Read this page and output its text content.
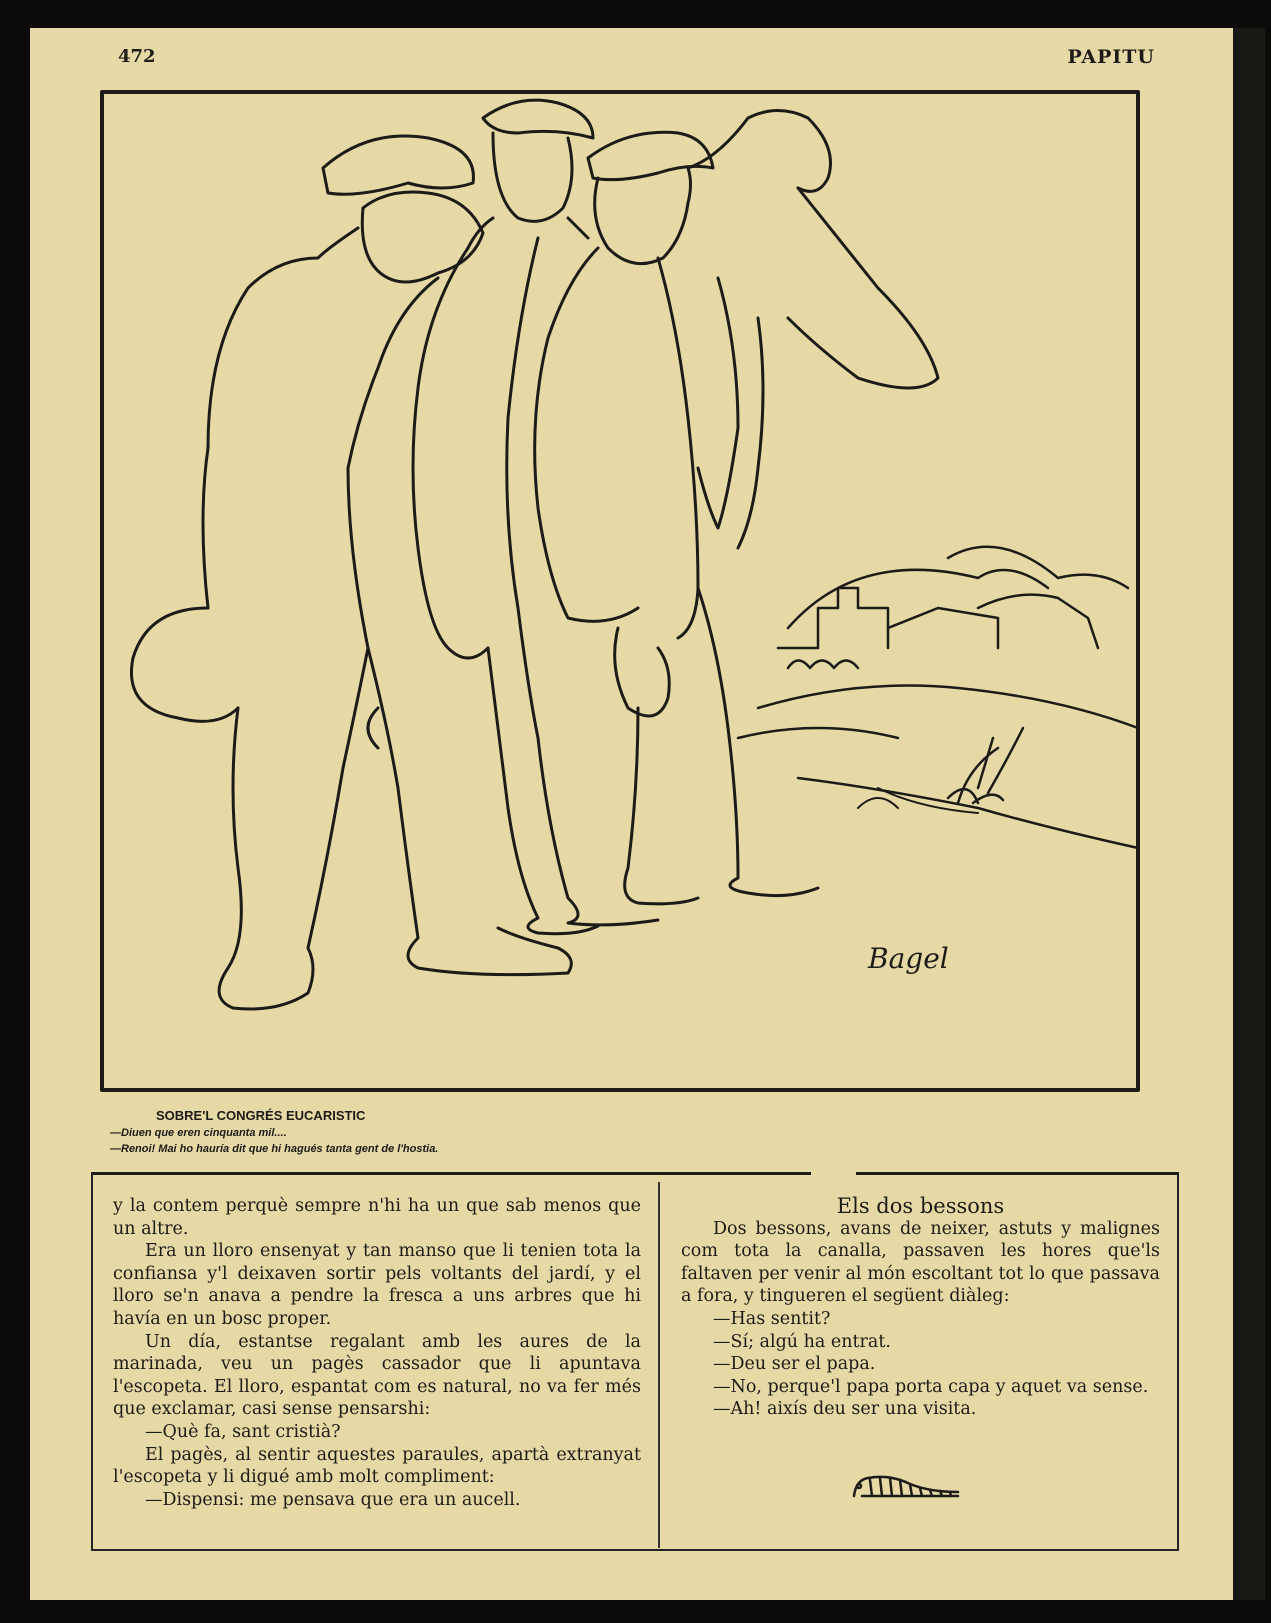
472	PAPITU
Bagel
SOBRE'L CONGRÉS EUCARISTIC
—Diuen que eren cinquanta mil....
—Renoi! Mai ho hauría dit que hi hagués tanta gent de l'hostia.

y la contem perquè sempre n'hi ha un que sab menos que un altre.

Era un lloro ensenyat y tan manso que li tenien tota la confiansa y'l deixaven sortir pels voltants del jardí, y el lloro se'n anava a pendre la fresca a uns arbres que hi havía en un bosc proper.

Un día, estantse regalant amb les aures de la marinada, veu un pagès cassador que li apuntava l'escopeta. El lloro, espantat com es natural, no va fer més que exclamar, casi sense pensarshi:

—Què fa, sant cristià?

El pagès, al sentir aquestes paraules, apartà extranyat l'escopeta y li digué amb molt compliment:

—Dispensi: me pensava que era un aucell.

Els dos bessons

Dos bessons, avans de neixer, astuts y malignes com tota la canalla, passaven les hores que'ls faltaven per venir al món escoltant tot lo que passava a fora, y tingueren el següent diàleg:

—Has sentit?

—Sí; algú ha entrat.

—Deu ser el papa.

—No, perque'l papa porta capa y aquet va sense.

—Ah! aixís deu ser una visita.
